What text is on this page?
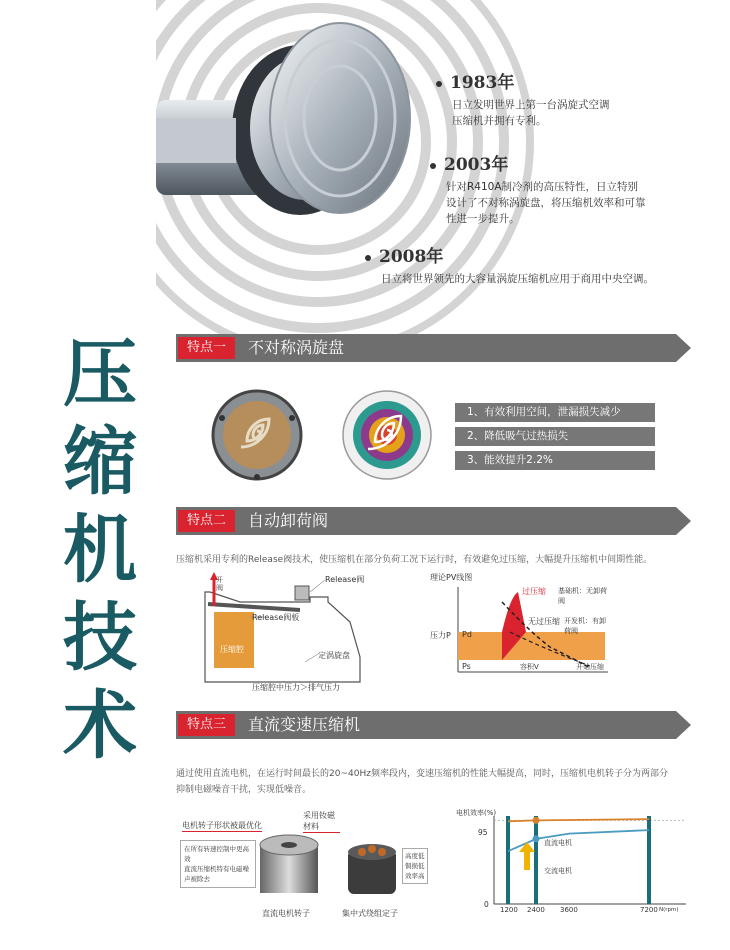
1983年
日立发明世界上第一台涡旋式空调
压缩机并拥有专利。
2003年
针对R410A制冷剂的高压特性，日立特别
设计了不对称涡旋盘，将压缩机效率和可靠
性进一步提升。
2008年
日立将世界领先的大容量涡旋压缩机应用于商用中央空调。
压
缩
机
技
术
特点一	不对称涡旋盘
1、有效利用空间，泄漏损失减少
2、降低吸气过热损失
3、能效提升2.2%
特点二	自动卸荷阀
压缩机采用专利的Release阀技术，使压缩机在部分负荷工况下运行时，有效避免过压缩，大幅提升压缩机中间期性能。
开阀
Release阀
Release阀板
压缩腔
定涡旋盘
压缩腔中压力＞排气压力
理论PV线图
过压缩 基础机：无卸荷阀
无过压缩 开发机：有卸荷阀
压力P Pd
Ps	容积V	开始压缩
特点三	直流变速压缩机
通过使用直流电机，在运行时间最长的20~40Hz频率段内，变速压缩机的性能大幅提高，同时，压缩机电机转子分为两部分
抑制电磁噪音干扰，实现低噪音。
采用钕磁材料
电机转子形状被最优化
在所有转速控制中更高效
直流压缩机特有电磁噪声被除去
直流电机转子
高度低
铜损低
效率高
集中式绕组定子
电机效率(%)
95
0
1200 2400 3600	7200 N(rpm)
直流电机
交流电机
